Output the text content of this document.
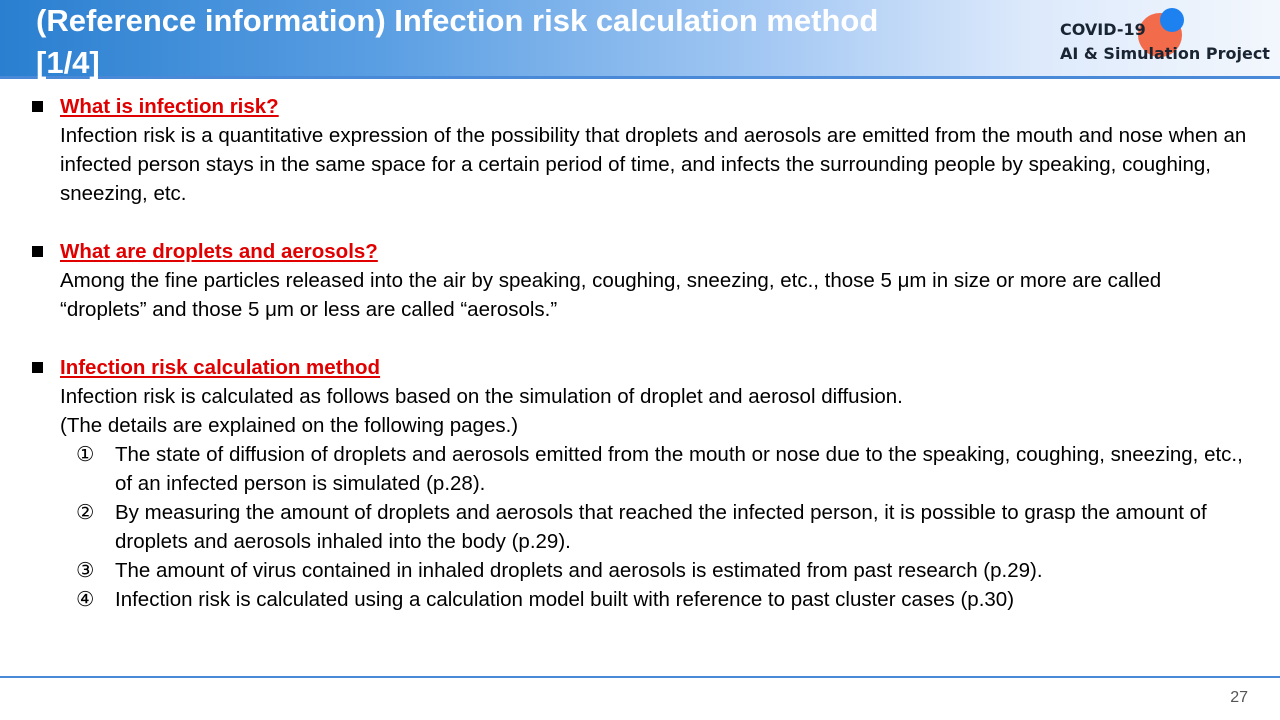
(Reference information) Infection risk calculation method [1/4]
COVID-19
AI & Simulation Project
What is infection risk?
Infection risk is a quantitative expression of the possibility that droplets and aerosols are emitted from the mouth and nose when an infected person stays in the same space for a certain period of time, and infects the surrounding people by speaking, coughing, sneezing, etc.
What are droplets and aerosols?
Among the fine particles released into the air by speaking, coughing, sneezing, etc., those 5 μm in size or more are called “droplets” and those 5 μm or less are called “aerosols.”
Infection risk calculation method
Infection risk is calculated as follows based on the simulation of droplet and aerosol diffusion.
(The details are explained on the following pages.)
① The state of diffusion of droplets and aerosols emitted from the mouth or nose due to the speaking, coughing, sneezing, etc., of an infected person is simulated (p.28).
② By measuring the amount of droplets and aerosols that reached the infected person, it is possible to grasp the amount of droplets and aerosols inhaled into the body (p.29).
③ The amount of virus contained in inhaled droplets and aerosols is estimated from past research (p.29).
④ Infection risk is calculated using a calculation model built with reference to past cluster cases (p.30)
27
